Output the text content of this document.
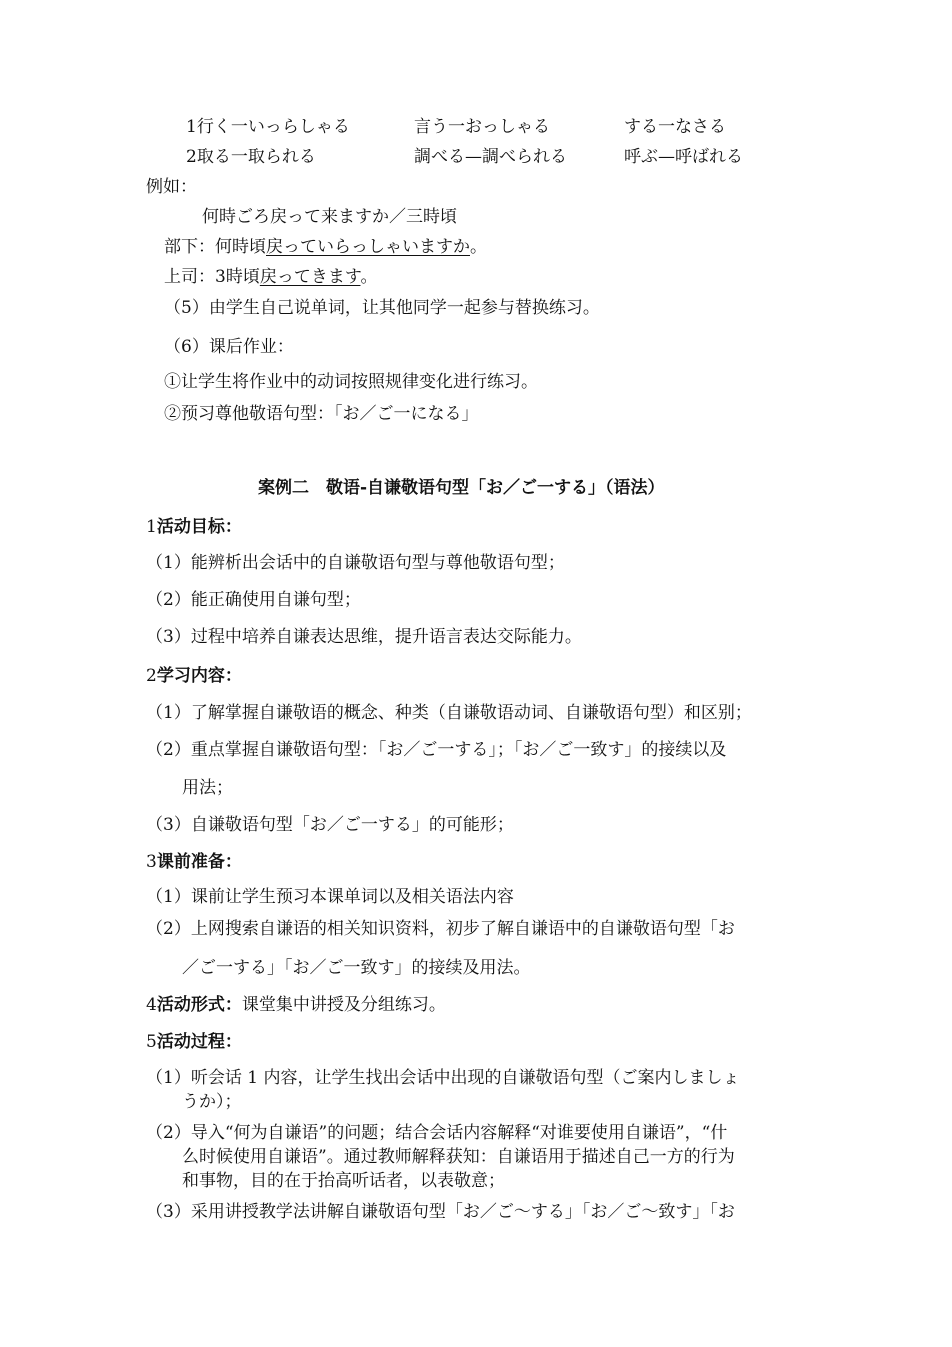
1行く一いっらしゃる	言う一おっしゃる	する一なさる
2取る一取られる	調べる—調べられる	呼ぶ—呼ばれる
例如：
何時ごろ戻って来ますか／三時頃
部下：何時頃戻っていらっしゃいますか。
上司：3時頃戻ってきます。
（5）由学生自己说单词，让其他同学一起参与替换练习。
（6）课后作业：
①让学生将作业中的动词按照规律变化进行练习。
②预习尊他敬语句型：「お／ご一になる」
案例二　敬语-自谦敬语句型「お／ご一する」（语法）
1活动目标：
（1）能辨析出会话中的自谦敬语句型与尊他敬语句型；
（2）能正确使用自谦句型；
（3）过程中培养自谦表达思维，提升语言表达交际能力。
2学习内容：
（1）了解掌握自谦敬语的概念、种类（自谦敬语动词、自谦敬语句型）和区别；
（2）重点掌握自谦敬语句型：「お／ご一する」；「お／ご一致す」的接续以及
用法；
（3）自谦敬语句型「お／ご一する」的可能形；
3课前准备：
（1）课前让学生预习本课单词以及相关语法内容
（2）上网搜索自谦语的相关知识资料，初步了解自谦语中的自谦敬语句型「お
／ご一する」「お／ご一致す」的接续及用法。
4活动形式：课堂集中讲授及分组练习。
5活动过程：
（1）听会话 1 内容，让学生找出会话中出现的自谦敬语句型（ご案内しましょ
うか）；
（2）导入“何为自谦语”的问题；结合会话内容解释“对谁要使用自谦语”，“什
么时候使用自谦语”。通过教师解释获知：自谦语用于描述自己一方的行为
和事物，目的在于抬高听话者，以表敬意；
（3）采用讲授教学法讲解自谦敬语句型「お／ご～する」「お／ご～致す」「お
